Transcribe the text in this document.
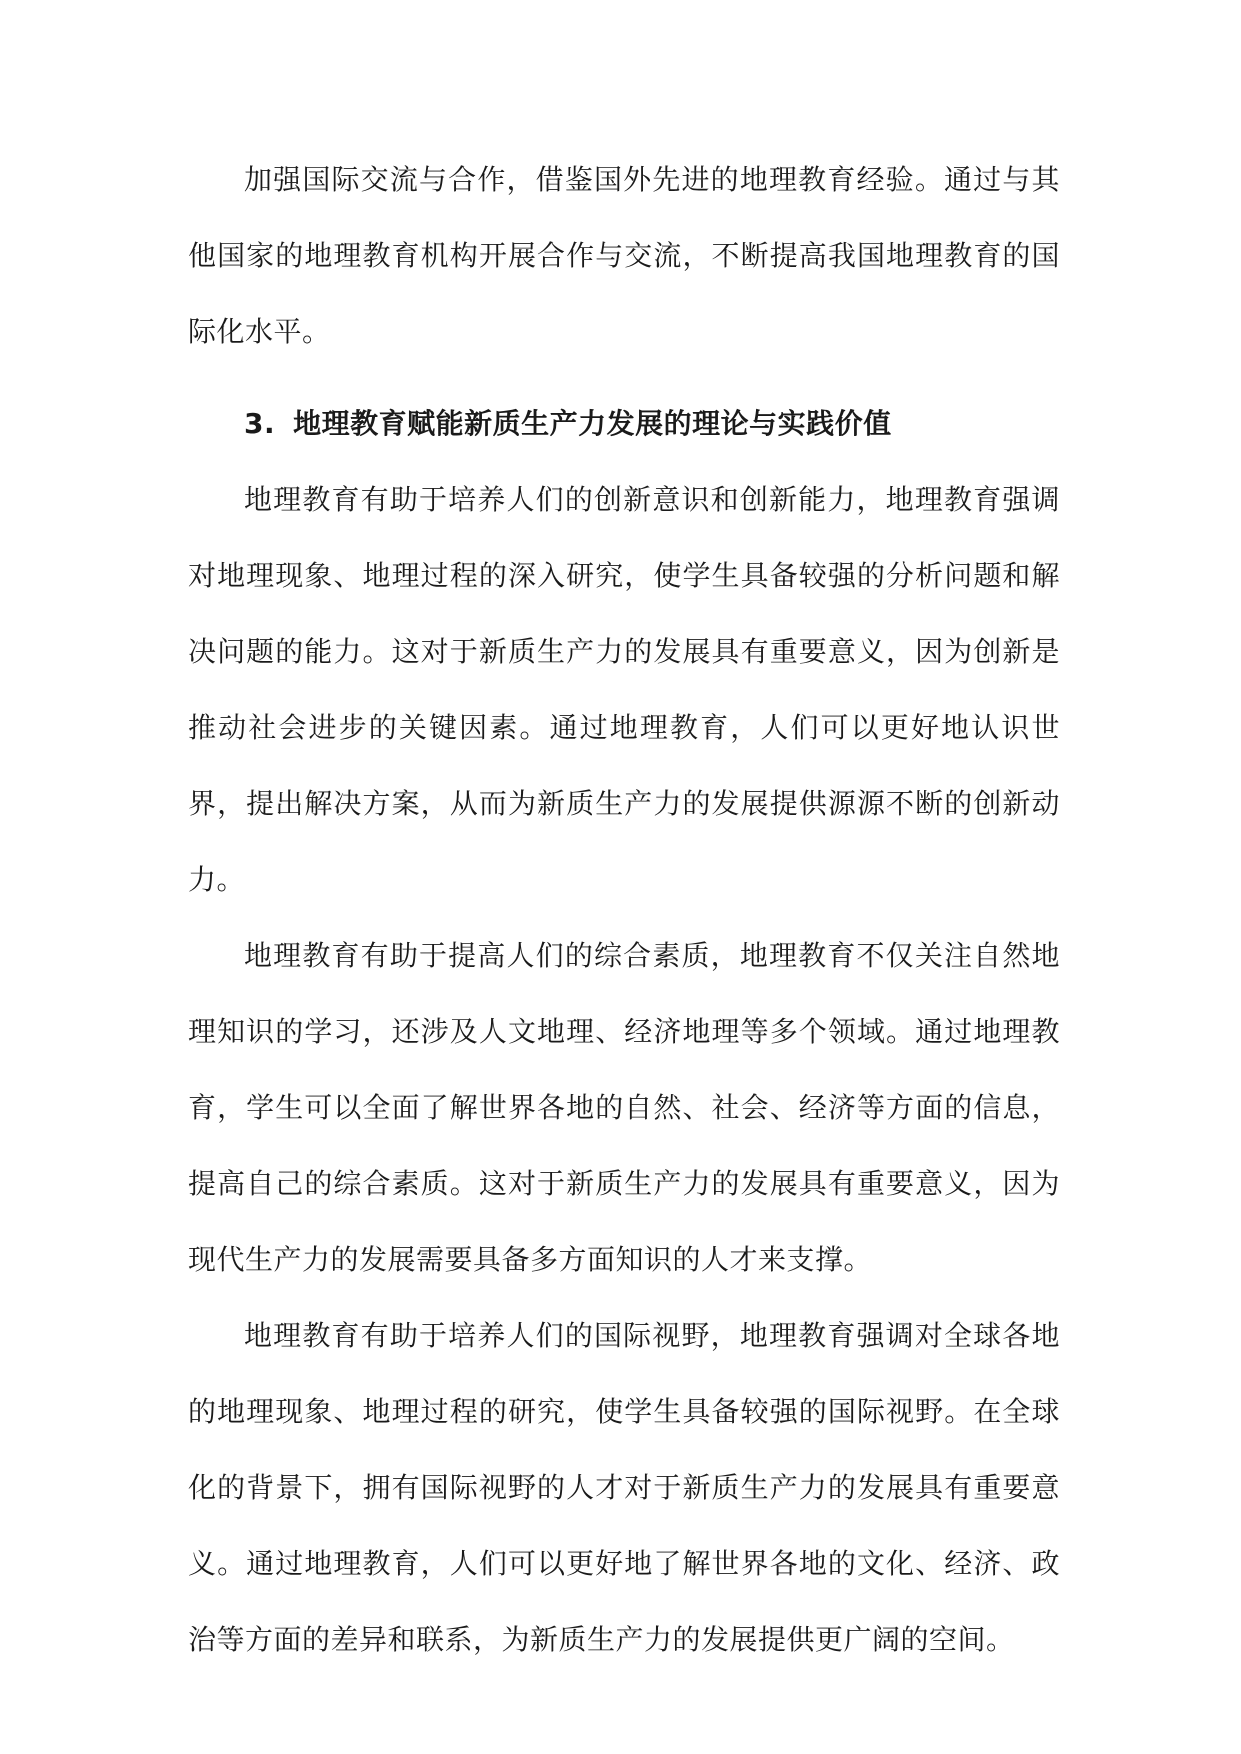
加强国际交流与合作，借鉴国外先进的地理教育经验。通过与其他国家的地理教育机构开展合作与交流，不断提高我国地理教育的国际化水平。

3. 地理教育赋能新质生产力发展的理论与实践价值

地理教育有助于培养人们的创新意识和创新能力，地理教育强调对地理现象、地理过程的深入研究，使学生具备较强的分析问题和解决问题的能力。这对于新质生产力的发展具有重要意义，因为创新是推动社会进步的关键因素。通过地理教育，人们可以更好地认识世界，提出解决方案，从而为新质生产力的发展提供源源不断的创新动力。

地理教育有助于提高人们的综合素质，地理教育不仅关注自然地理知识的学习，还涉及人文地理、经济地理等多个领域。通过地理教育，学生可以全面了解世界各地的自然、社会、经济等方面的信息，提高自己的综合素质。这对于新质生产力的发展具有重要意义，因为现代生产力的发展需要具备多方面知识的人才来支撑。

地理教育有助于培养人们的国际视野，地理教育强调对全球各地的地理现象、地理过程的研究，使学生具备较强的国际视野。在全球化的背景下，拥有国际视野的人才对于新质生产力的发展具有重要意义。通过地理教育，人们可以更好地了解世界各地的文化、经济、政治等方面的差异和联系，为新质生产力的发展提供更广阔的空间。
